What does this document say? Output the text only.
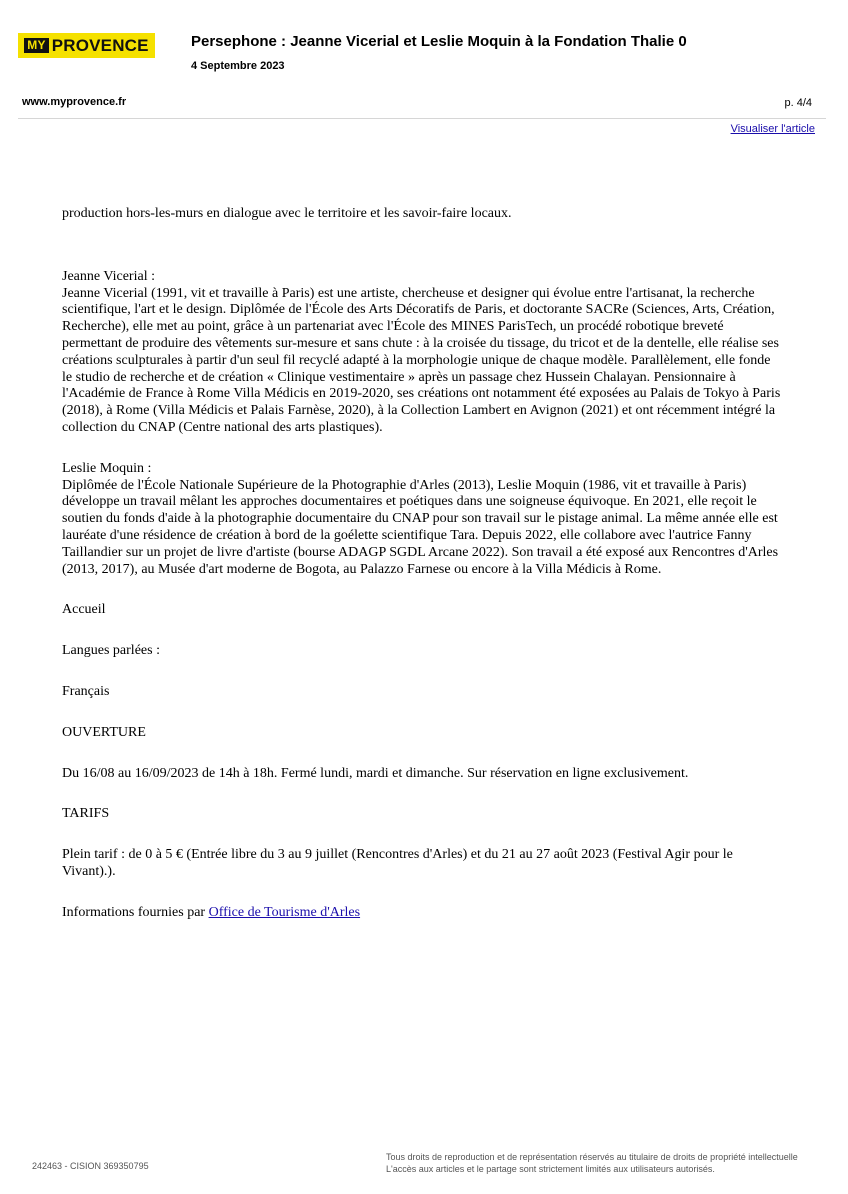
MY PROVENCE	Persephone : Jeanne Vicerial et Leslie Moquin à la Fondation Thalie 0
4 Septembre 2023
www.myprovence.fr	p. 4/4
Visualiser l'article

production hors-les-murs en dialogue avec le territoire et les savoir-faire locaux.

Jeanne Vicerial :

Jeanne Vicerial (1991, vit et travaille à Paris) est une artiste, chercheuse et designer qui évolue entre l'artisanat, la recherche scientifique, l'art et le design. Diplômée de l'École des Arts Décoratifs de Paris, et doctorante SACRe (Sciences, Arts, Création, Recherche), elle met au point, grâce à un partenariat avec l'École des MINES ParisTech, un procédé robotique breveté permettant de produire des vêtements sur-mesure et sans chute : à la croisée du tissage, du tricot et de la dentelle, elle réalise ses créations sculpturales à partir d'un seul fil recyclé adapté à la morphologie unique de chaque modèle. Parallèlement, elle fonde le studio de recherche et de création « Clinique vestimentaire » après un passage chez Hussein Chalayan. Pensionnaire à l'Académie de France à Rome Villa Médicis en 2019-2020, ses créations ont notamment été exposées au Palais de Tokyo à Paris (2018), à Rome (Villa Médicis et Palais Farnèse, 2020), à la Collection Lambert en Avignon (2021) et ont récemment intégré la collection du CNAP (Centre national des arts plastiques).

Leslie Moquin :

Diplômée de l'École Nationale Supérieure de la Photographie d'Arles (2013), Leslie Moquin (1986, vit et travaille à Paris) développe un travail mêlant les approches documentaires et poétiques dans une soigneuse équivoque. En 2021, elle reçoit le soutien du fonds d'aide à la photographie documentaire du CNAP pour son travail sur le pistage animal. La même année elle est lauréate d'une résidence de création à bord de la goélette scientifique Tara. Depuis 2022, elle collabore avec l'autrice Fanny Taillandier sur un projet de livre d'artiste (bourse ADAGP SGDL Arcane 2022). Son travail a été exposé aux Rencontres d'Arles (2013, 2017), au Musée d'art moderne de Bogota, au Palazzo Farnese ou encore à la Villa Médicis à Rome.

Accueil

Langues parlées :

Français

OUVERTURE

Du 16/08 au 16/09/2023 de 14h à 18h. Fermé lundi, mardi et dimanche. Sur réservation en ligne exclusivement.

TARIFS

Plein tarif : de 0 à 5 € (Entrée libre du 3 au 9 juillet (Rencontres d'Arles) et du 21 au 27 août 2023 (Festival Agir pour le Vivant).).

Informations fournies par Office de Tourisme d'Arles

242463 - CISION 369350795
Tous droits de reproduction et de représentation réservés au titulaire de droits de propriété intellectuelle
L'accès aux articles et le partage sont strictement limités aux utilisateurs autorisés.
